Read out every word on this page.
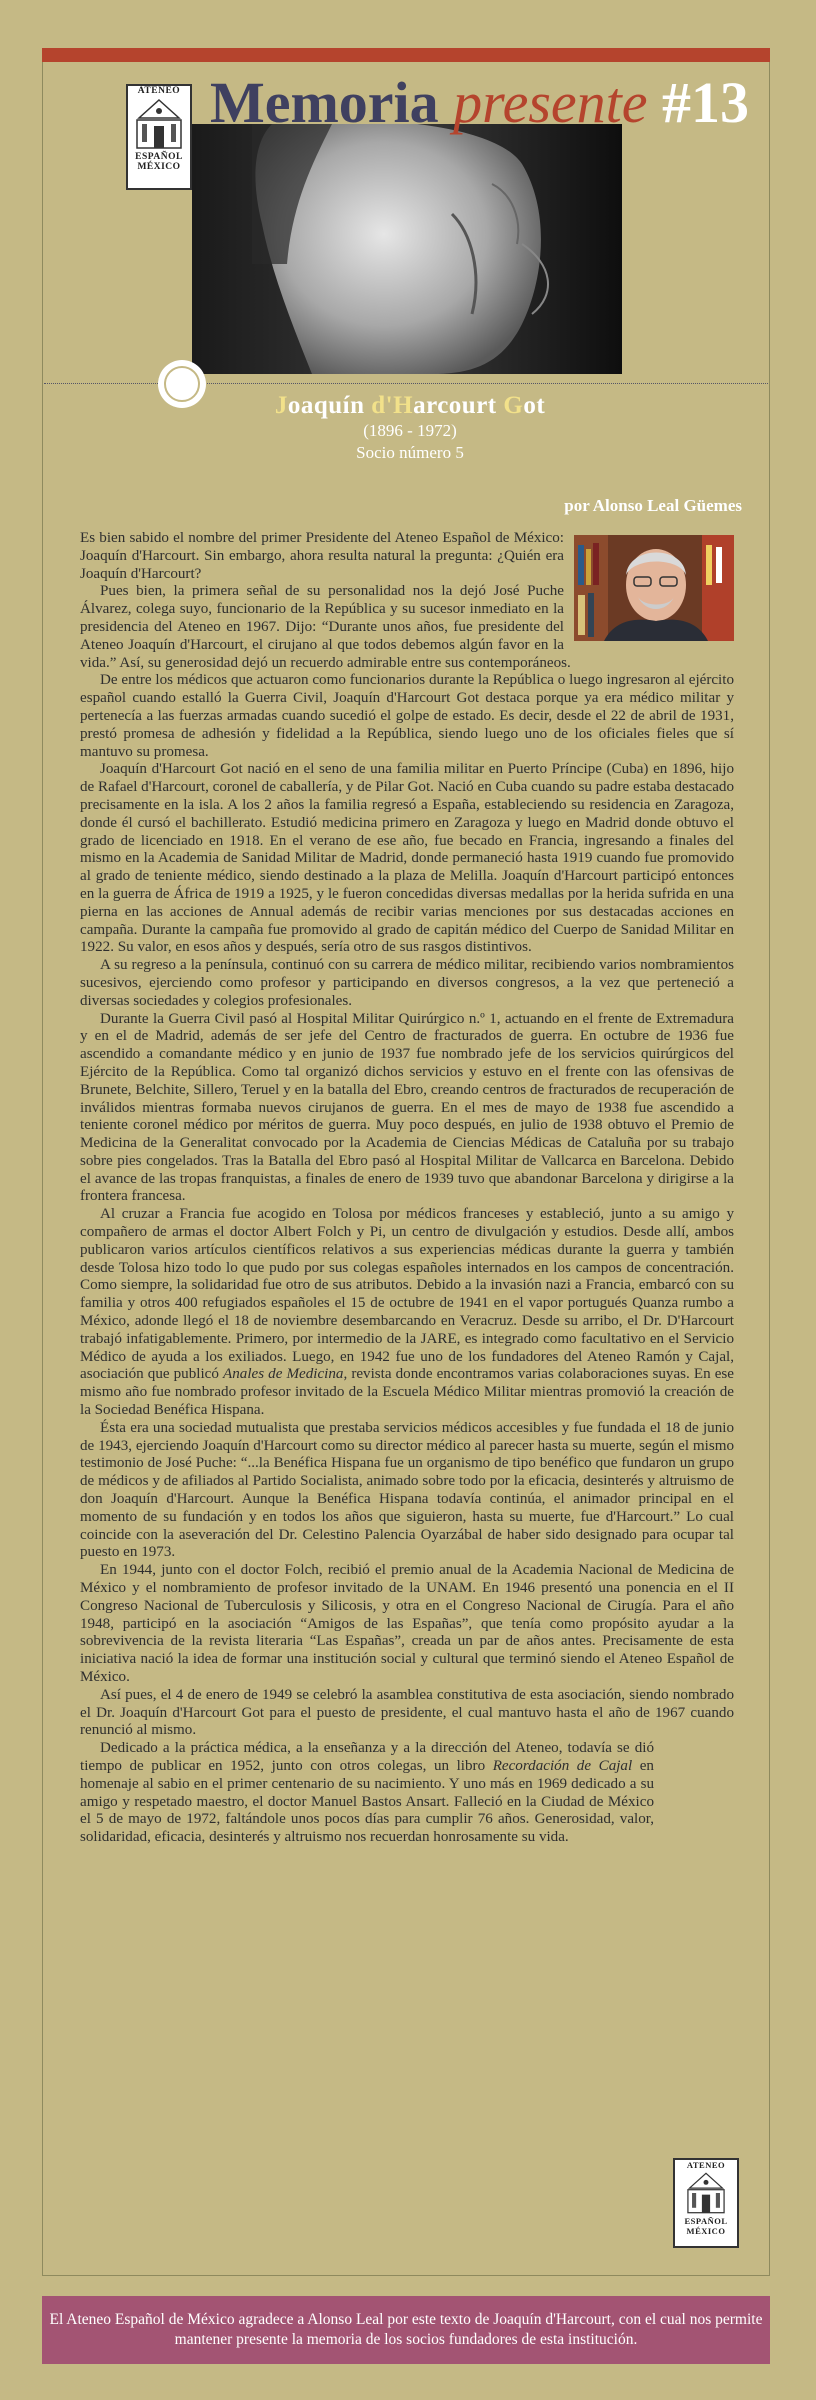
ATENEO
ESPAÑOL
MÉXICO
Memoria presente #13
Joaquín d'Harcourt Got
(1896 - 1972)
Socio número 5
por Alonso Leal Güemes

Es bien sabido el nombre del primer Presidente del Ateneo Español de México: Joaquín d'Harcourt. Sin embargo, ahora resulta natural la pregunta: ¿Quién era Joaquín d'Harcourt?

Pues bien, la primera señal de su personalidad nos la dejó José Puche Álvarez, colega suyo, funcionario de la República y su sucesor inmediato en la presidencia del Ateneo en 1967. Dijo: “Durante unos años, fue presidente del Ateneo Joaquín d'Harcourt, el cirujano al que todos debemos algún favor en la vida.” Así, su generosidad dejó un recuerdo admirable entre sus contemporáneos.

De entre los médicos que actuaron como funcionarios durante la República o luego ingresaron al ejército español cuando estalló la Guerra Civil, Joaquín d'Harcourt Got destaca porque ya era médico militar y pertenecía a las fuerzas armadas cuando sucedió el golpe de estado. Es decir, desde el 22 de abril de 1931, prestó promesa de adhesión y fidelidad a la República, siendo luego uno de los oficiales fieles que sí mantuvo su promesa.

Joaquín d'Harcourt Got nació en el seno de una familia militar en Puerto Príncipe (Cuba) en 1896, hijo de Rafael d'Harcourt, coronel de caballería, y de Pilar Got. Nació en Cuba cuando su padre estaba destacado precisamente en la isla. A los 2 años la familia regresó a España, estableciendo su residencia en Zaragoza, donde él cursó el bachillerato. Estudió medicina primero en Zaragoza y luego en Madrid donde obtuvo el grado de licenciado en 1918. En el verano de ese año, fue becado en Francia, ingresando a finales del mismo en la Academia de Sanidad Militar de Madrid, donde permaneció hasta 1919 cuando fue promovido al grado de teniente médico, siendo destinado a la plaza de Melilla. Joaquín d'Harcourt participó entonces en la guerra de África de 1919 a 1925, y le fueron concedidas diversas medallas por la herida sufrida en una pierna en las acciones de Annual además de recibir varias menciones por sus destacadas acciones en campaña. Durante la campaña fue promovido al grado de capitán médico del Cuerpo de Sanidad Militar en 1922. Su valor, en esos años y después, sería otro de sus rasgos distintivos.

A su regreso a la península, continuó con su carrera de médico militar, recibiendo varios nombramientos sucesivos, ejerciendo como profesor y participando en diversos congresos, a la vez que perteneció a diversas sociedades y colegios profesionales.

Durante la Guerra Civil pasó al Hospital Militar Quirúrgico n.º 1, actuando en el frente de Extremadura y en el de Madrid, además de ser jefe del Centro de fracturados de guerra. En octubre de 1936 fue ascendido a comandante médico y en junio de 1937 fue nombrado jefe de los servicios quirúrgicos del Ejército de la República. Como tal organizó dichos servicios y estuvo en el frente con las ofensivas de Brunete, Belchite, Sillero, Teruel y en la batalla del Ebro, creando centros de fracturados de recuperación de inválidos mientras formaba nuevos cirujanos de guerra. En el mes de mayo de 1938 fue ascendido a teniente coronel médico por méritos de guerra. Muy poco después, en julio de 1938 obtuvo el Premio de Medicina de la Generalitat convocado por la Academia de Ciencias Médicas de Cataluña por su trabajo sobre pies congelados. Tras la Batalla del Ebro pasó al Hospital Militar de Vallcarca en Barcelona. Debido el avance de las tropas franquistas, a finales de enero de 1939 tuvo que abandonar Barcelona y dirigirse a la frontera francesa.

Al cruzar a Francia fue acogido en Tolosa por médicos franceses y estableció, junto a su amigo y compañero de armas el doctor Albert Folch y Pi, un centro de divulgación y estudios. Desde allí, ambos publicaron varios artículos científicos relativos a sus experiencias médicas durante la guerra y también desde Tolosa hizo todo lo que pudo por sus colegas españoles internados en los campos de concentración. Como siempre, la solidaridad fue otro de sus atributos. Debido a la invasión nazi a Francia, embarcó con su familia y otros 400 refugiados españoles el 15 de octubre de 1941 en el vapor portugués Quanza rumbo a México, adonde llegó el 18 de noviembre desembarcando en Veracruz. Desde su arribo, el Dr. D'Harcourt trabajó infatigablemente. Primero, por intermedio de la JARE, es integrado como facultativo en el Servicio Médico de ayuda a los exiliados. Luego, en 1942 fue uno de los fundadores del Ateneo Ramón y Cajal, asociación que publicó Anales de Medicina, revista donde encontramos varias colaboraciones suyas. En ese mismo año fue nombrado profesor invitado de la Escuela Médico Militar mientras promovió la creación de la Sociedad Benéfica Hispana.

Ésta era una sociedad mutualista que prestaba servicios médicos accesibles y fue fundada el 18 de junio de 1943, ejerciendo Joaquín d'Harcourt como su director médico al parecer hasta su muerte, según el mismo testimonio de José Puche: “...la Benéfica Hispana fue un organismo de tipo benéfico que fundaron un grupo de médicos y de afiliados al Partido Socialista, animado sobre todo por la eficacia, desinterés y altruismo de don Joaquín d'Harcourt. Aunque la Benéfica Hispana todavía continúa, el animador principal en el momento de su fundación y en todos los años que siguieron, hasta su muerte, fue d'Harcourt.” Lo cual coincide con la aseveración del Dr. Celestino Palencia Oyarzábal de haber sido designado para ocupar tal puesto en 1973.

En 1944, junto con el doctor Folch, recibió el premio anual de la Academia Nacional de Medicina de México y el nombramiento de profesor invitado de la UNAM. En 1946 presentó una ponencia en el II Congreso Nacional de Tuberculosis y Silicosis, y otra en el Congreso Nacional de Cirugía. Para el año 1948, participó en la asociación “Amigos de las Españas”, que tenía como propósito ayudar a la sobrevivencia de la revista literaria “Las Españas”, creada un par de años antes. Precisamente de esta iniciativa nació la idea de formar una institución social y cultural que terminó siendo el Ateneo Español de México.

Así pues, el 4 de enero de 1949 se celebró la asamblea constitutiva de esta asociación, siendo nombrado el Dr. Joaquín d'Harcourt Got para el puesto de presidente, el cual mantuvo hasta el año de 1967 cuando renunció al mismo.

Dedicado a la práctica médica, a la enseñanza y a la dirección del Ateneo, todavía se dió tiempo de publicar en 1952, junto con otros colegas, un libro Recordación de Cajal en homenaje al sabio en el primer centenario de su nacimiento. Y uno más en 1969 dedicado a su amigo y respetado maestro, el doctor Manuel Bastos Ansart. Falleció en la Ciudad de México el 5 de mayo de 1972, faltándole unos pocos días para cumplir 76 años. Generosidad, valor, solidaridad, eficacia, desinterés y altruismo nos recuerdan honrosamente su vida.

ATENEO
ESPAÑOL
MÉXICO
El Ateneo Español de México agradece a Alonso Leal por este texto de Joaquín d'Harcourt, con el cual nos permite mantener presente la memoria de los socios fundadores de esta institución.
